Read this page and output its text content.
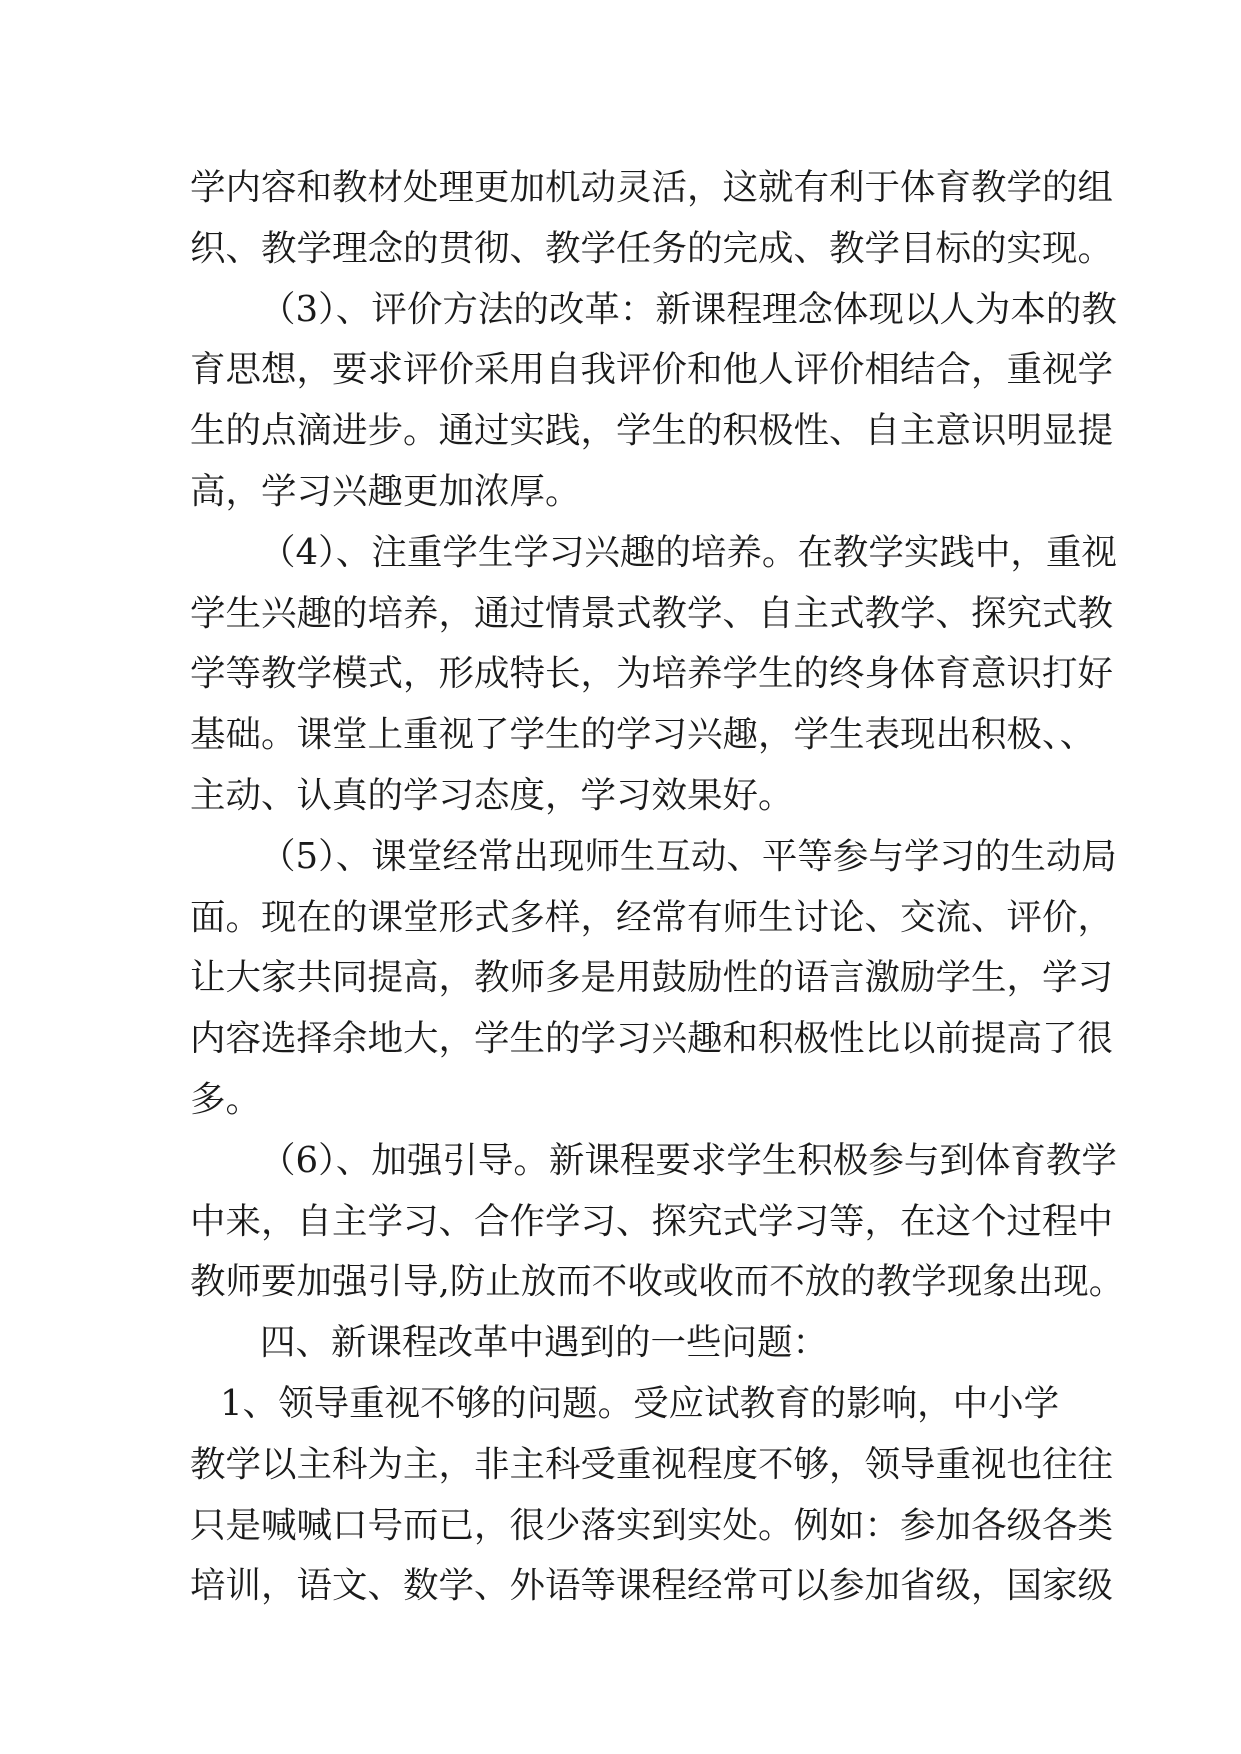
学内容和教材处理更加机动灵活，这就有利于体育教学的组
织、教学理念的贯彻、教学任务的完成、教学目标的实现。
（3）、评价方法的改革：新课程理念体现以人为本的教
育思想，要求评价采用自我评价和他人评价相结合，重视学
生的点滴进步。通过实践，学生的积极性、自主意识明显提
高，学习兴趣更加浓厚。
（4）、注重学生学习兴趣的培养。在教学实践中，重视
学生兴趣的培养，通过情景式教学、自主式教学、探究式教
学等教学模式，形成特长，为培养学生的终身体育意识打好
基础。课堂上重视了学生的学习兴趣，学生表现出积极、、
主动、认真的学习态度，学习效果好。
（5）、课堂经常出现师生互动、平等参与学习的生动局
面。现在的课堂形式多样，经常有师生讨论、交流、评价，
让大家共同提高，教师多是用鼓励性的语言激励学生，学习
内容选择余地大，学生的学习兴趣和积极性比以前提高了很
多。
（6）、加强引导。新课程要求学生积极参与到体育教学
中来，自主学习、合作学习、探究式学习等，在这个过程中
教师要加强引导,防止放而不收或收而不放的教学现象出现。
四、新课程改革中遇到的一些问题：
1、领导重视不够的问题。受应试教育的影响，中小学
教学以主科为主，非主科受重视程度不够，领导重视也往往
只是喊喊口号而已，很少落实到实处。例如：参加各级各类
培训，语文、数学、外语等课程经常可以参加省级，国家级
